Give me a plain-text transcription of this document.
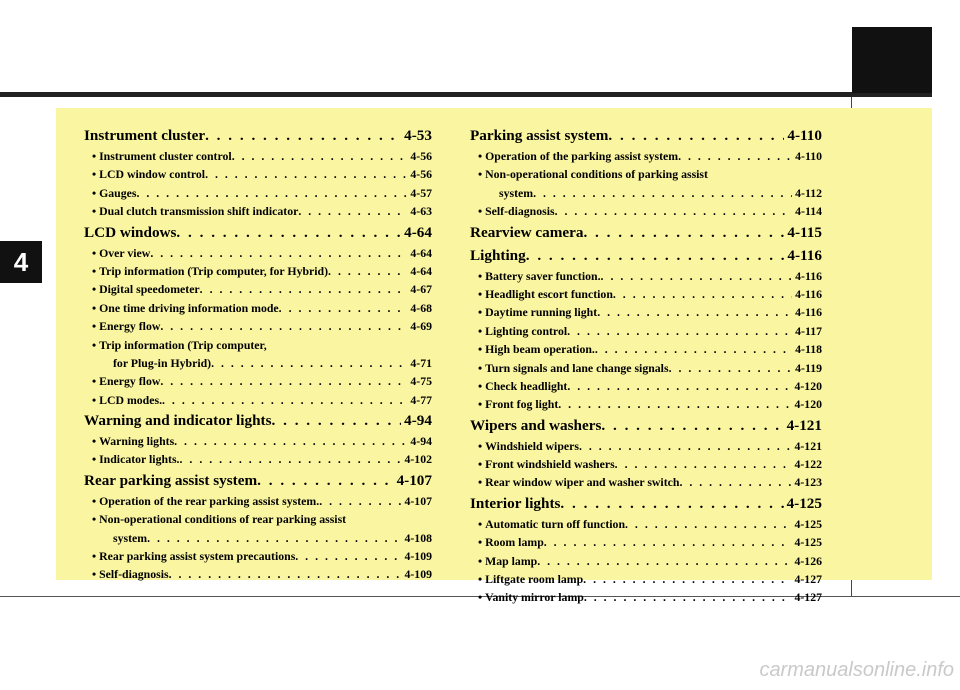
4
Instrument cluster . . .	4-53
• Instrument cluster control . . .	4-56
• LCD window control . . .	4-56
• Gauges . . .	4-57
• Dual clutch transmission shift indicator . . .	4-63
LCD windows . . .	4-64
• Over view . . .	4-64
• Trip information (Trip computer, for Hybrid) . . .	4-64
• Digital speedometer . . .	4-67
• One time driving information mode . . .	4-68
• Energy flow . . .	4-69
• Trip information (Trip computer,
for Plug-in Hybrid) . . .	4-71
• Energy flow . . .	4-75
• LCD modes. . . .	4-77
Warning and indicator lights . . .	4-94
• Warning lights . . .	4-94
• Indicator lights. . . .	4-102
Rear parking assist system . . .	4-107
• Operation of the rear parking assist system. . . .	4-107
• Non-operational conditions of rear parking assist
system . . .	4-108
• Rear parking assist system precautions . . .	4-109
• Self-diagnosis . . .	4-109
Parking assist system . . .	4-110
• Operation of the parking assist system . . .	4-110
• Non-operational conditions of parking assist
system . . .	4-112
• Self-diagnosis . . .	4-114
Rearview camera . . .	4-115
Lighting . . .	4-116
• Battery saver function. . . .	4-116
• Headlight escort function . . .	4-116
• Daytime running light . . .	4-116
• Lighting control . . .	4-117
• High beam operation. . . .	4-118
• Turn signals and lane change signals . . .	4-119
• Check headlight . . .	4-120
• Front fog light . . .	4-120
Wipers and washers . . .	4-121
• Windshield wipers . . .	4-121
• Front windshield washers . . .	4-122
• Rear window wiper and washer switch . . .	4-123
Interior lights . . .	4-125
• Automatic turn off function . . .	4-125
• Room lamp . . .	4-125
• Map lamp . . .	4-126
• Liftgate room lamp . . .	4-127
• Vanity mirror lamp . . .	4-127
carmanualsonline.info
